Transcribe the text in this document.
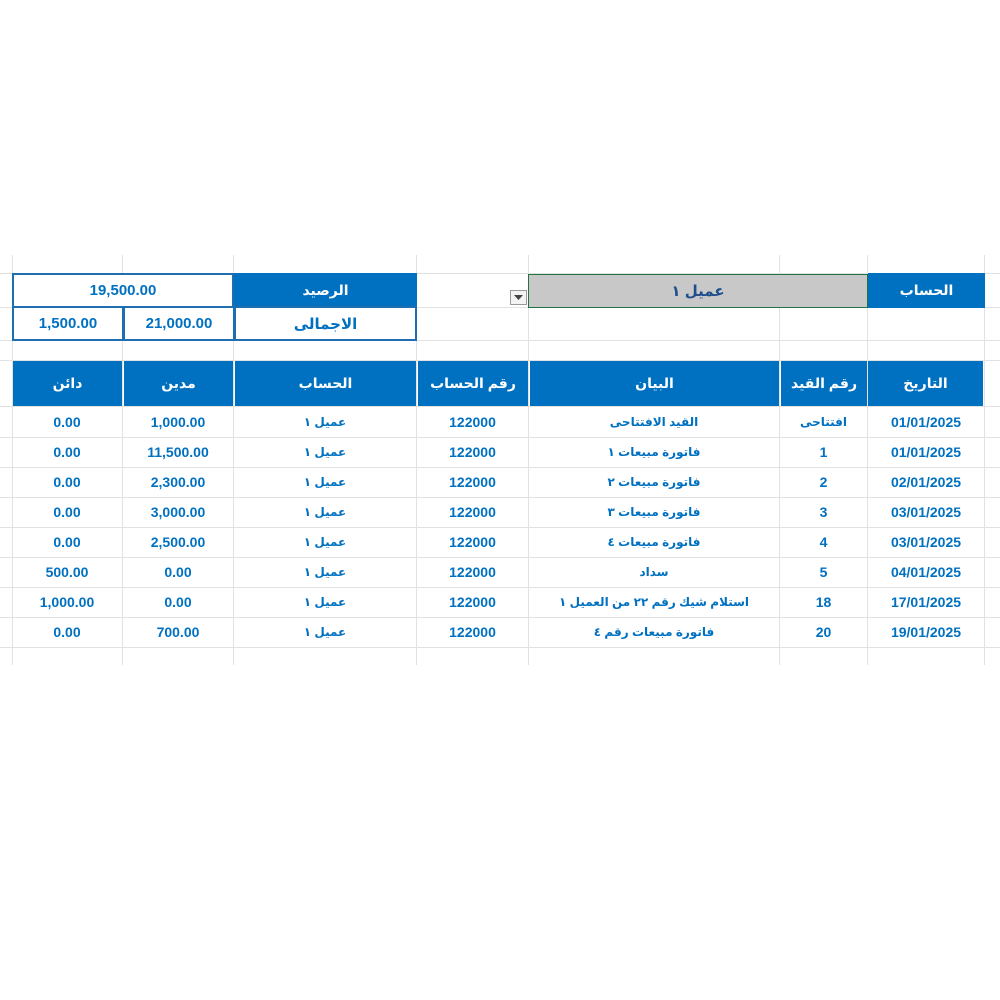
الحساب
عميل ١
الرصيد
19,500.00
الاجمالى
21,000.00
1,500.00
التاريخ
رقم القيد
البيان
رقم الحساب
الحساب
مدين
دائن
01/01/2025
افتتاحى
القيد الافتتاحى
122000
عميل ١
1,000.00
0.00
01/01/2025
1
فاتورة مبيعات ١
122000
عميل ١
11,500.00
0.00
02/01/2025
2
فاتورة مبيعات ٢
122000
عميل ١
2,300.00
0.00
03/01/2025
3
فاتورة مبيعات ٣
122000
عميل ١
3,000.00
0.00
03/01/2025
4
فاتورة مبيعات ٤
122000
عميل ١
2,500.00
0.00
04/01/2025
5
سداد
122000
عميل ١
0.00
500.00
17/01/2025
18
استلام شيك رقم ٢٢ من العميل ١
122000
عميل ١
0.00
1,000.00
19/01/2025
20
فاتورة مبيعات رقم ٤
122000
عميل ١
700.00
0.00
